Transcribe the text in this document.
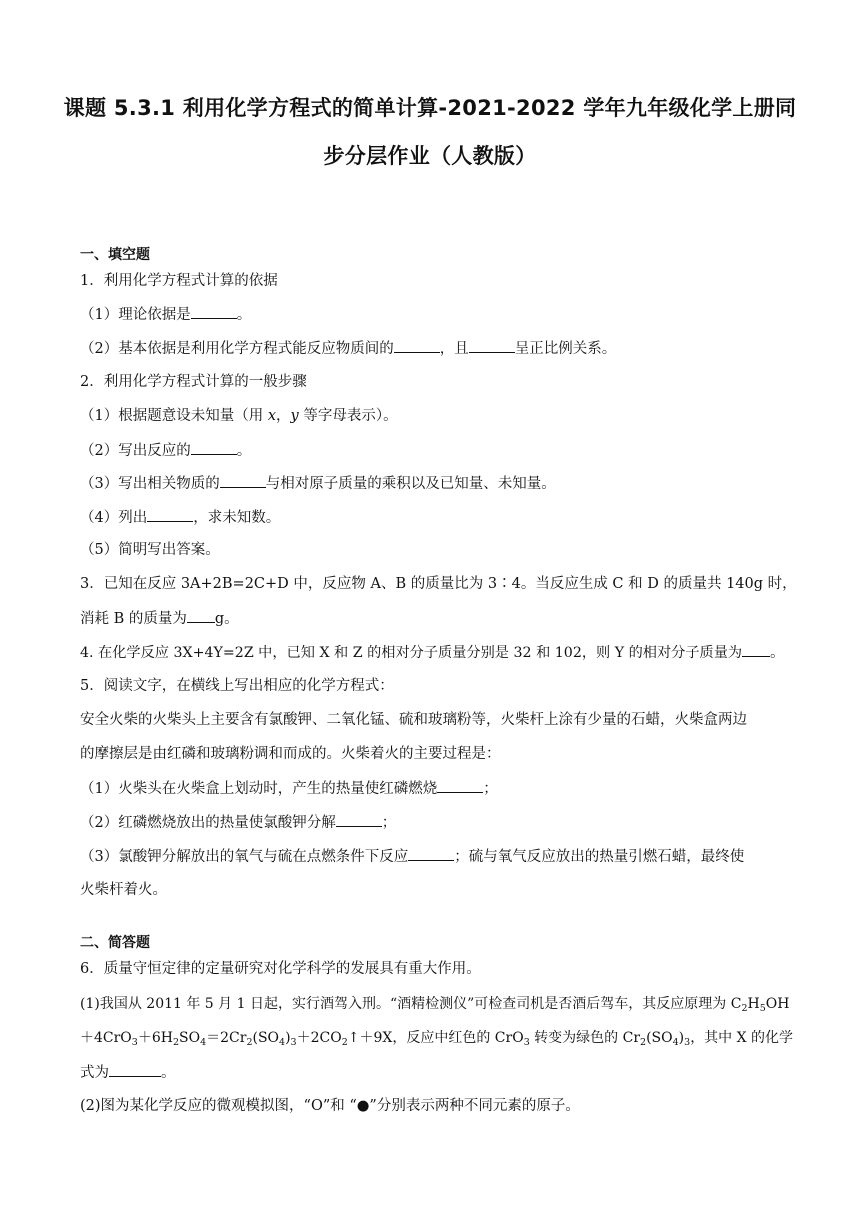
课题 5.3.1 利用化学方程式的简单计算-2021-2022 学年九年级化学上册同
步分层作业（人教版）
一、填空题
1．利用化学方程式计算的依据
（1）理论依据是	。
（2）基本依据是利用化学方程式能反应物质间的	，且	呈正比例关系。
2．利用化学方程式计算的一般步骤
（1）根据题意设未知量（用 x，y 等字母表示）。
（2）写出反应的	。
（3）写出相关物质的	与相对原子质量的乘积以及已知量、未知量。
（4）列出	，求未知数。
（5）简明写出答案。
3．已知在反应 3A+2B=2C+D 中，反应物 A、B 的质量比为 3∶4。当反应生成 C 和 D 的质量共 140g 时，
消耗 B 的质量为 g。
4. 在化学反应 3X+4Y=2Z 中，已知 X 和 Z 的相对分子质量分别是 32 和 102，则 Y 的相对分子质量为 。
5．阅读文字，在横线上写出相应的化学方程式：
安全火柴的火柴头上主要含有氯酸钾、二氧化锰、硫和玻璃粉等，火柴杆上涂有少量的石蜡，火柴盒两边
的摩擦层是由红磷和玻璃粉调和而成的。火柴着火的主要过程是：
（1）火柴头在火柴盒上划动时，产生的热量使红磷燃烧	；
（2）红磷燃烧放出的热量使氯酸钾分解	；
（3）氯酸钾分解放出的氧气与硫在点燃条件下反应	；硫与氧气反应放出的热量引燃石蜡，最终使
火柴杆着火。
二、简答题
6．质量守恒定律的定量研究对化学科学的发展具有重大作用。
(1)我国从 2011 年 5 月 1 日起，实行酒驾入刑。“酒精检测仪”可检查司机是否酒后驾车，其反应原理为 $C_2H_5OH$
$+4CrO_3+6H_2SO_4=2Cr_2(SO_4)_3+2CO_2↑+9X$，反应中红色的 CrO$_3$ 转变为绿色的 $Cr_2(SO_4)_3$，其中 X 的化学
式为	。
(2)图为某化学反应的微观模拟图，“O”和 “●”分别表示两种不同元素的原子。
